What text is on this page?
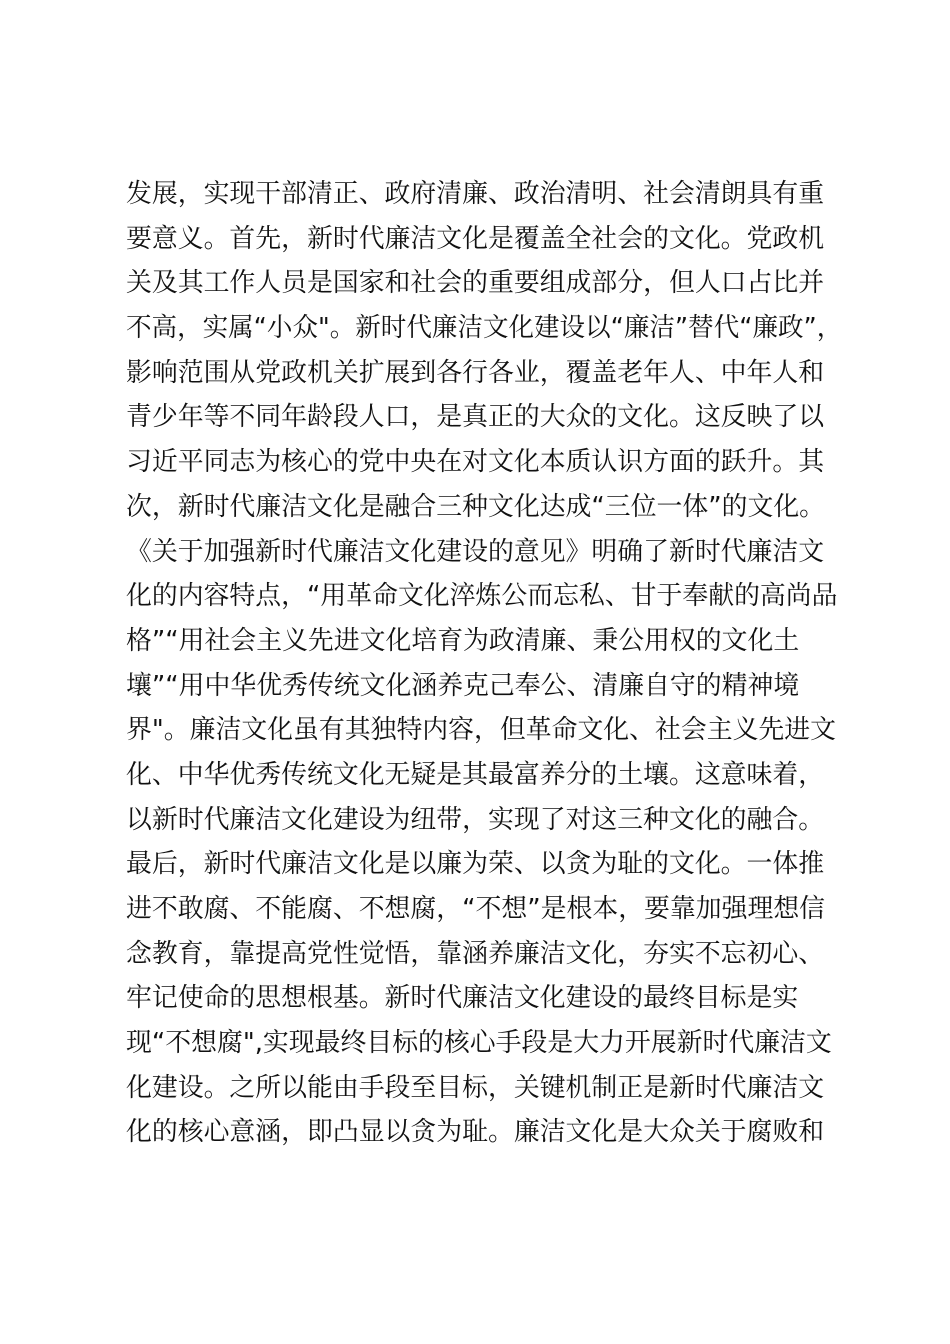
发展，实现干部清正、政府清廉、政治清明、社会清朗具有重
要意义。首先，新时代廉洁文化是覆盖全社会的文化。党政机
关及其工作人员是国家和社会的重要组成部分，但人口占比并
不高，实属“小众"。新时代廉洁文化建设以“廉洁”替代“廉政”，
影响范围从党政机关扩展到各行各业，覆盖老年人、中年人和
青少年等不同年龄段人口，是真正的大众的文化。这反映了以
习近平同志为核心的党中央在对文化本质认识方面的跃升。其
次，新时代廉洁文化是融合三种文化达成“三位一体”的文化。
《关于加强新时代廉洁文化建设的意见》明确了新时代廉洁文
化的内容特点，“用革命文化淬炼公而忘私、甘于奉献的高尚品
格”“用社会主义先进文化培育为政清廉、秉公用权的文化土
壤”“用中华优秀传统文化涵养克己奉公、清廉自守的精神境
界"。廉洁文化虽有其独特内容，但革命文化、社会主义先进文
化、中华优秀传统文化无疑是其最富养分的土壤。这意味着，
以新时代廉洁文化建设为纽带，实现了对这三种文化的融合。
最后，新时代廉洁文化是以廉为荣、以贪为耻的文化。一体推
进不敢腐、不能腐、不想腐，“不想”是根本，要靠加强理想信
念教育，靠提高党性觉悟，靠涵养廉洁文化，夯实不忘初心、
牢记使命的思想根基。新时代廉洁文化建设的最终目标是实
现“不想腐",实现最终目标的核心手段是大力开展新时代廉洁文
化建设。之所以能由手段至目标，关键机制正是新时代廉洁文
化的核心意涵，即凸显以贪为耻。廉洁文化是大众关于腐败和
